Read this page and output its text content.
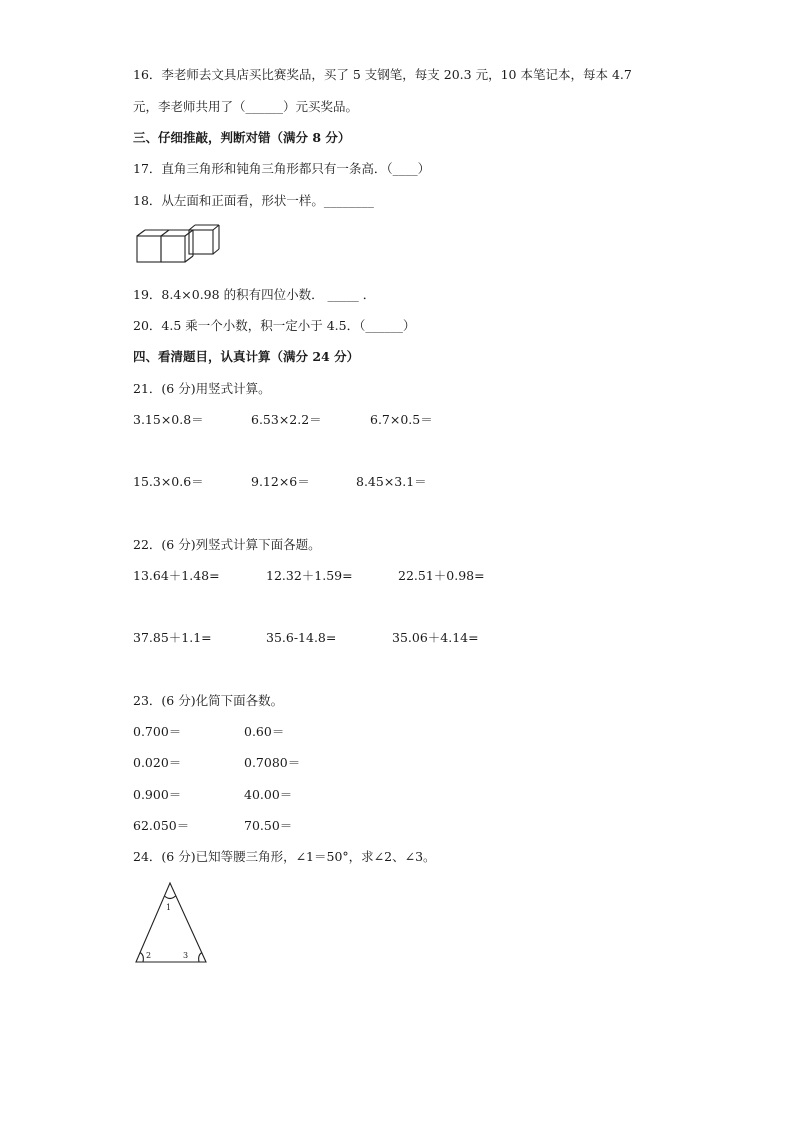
16．李老师去文具店买比赛奖品，买了 5 支钢笔，每支 20.3 元，10 本笔记本，每本 4.7
元，李老师共用了（______）元买奖品。
三、仔细推敲，判断对错（满分 8 分）
17．直角三角形和钝角三角形都只有一条高．（____）
18．从左面和正面看，形状一样。________
19．8.4×0.98 的积有四位小数． _____ ．
20．4.5 乘一个小数，积一定小于 4.5．（______）
四、看清题目，认真计算（满分 24 分）
21．(6 分)用竖式计算。
3.15×0.8＝	6.53×2.2＝	6.7×0.5＝
15.3×0.6＝	9.12×6＝	8.45×3.1＝
22．(6 分)列竖式计算下面各题。
13.64＋1.48=	12.32＋1.59=	22.51＋0.98=
37.85＋1.1=	35.6-14.8=	35.06＋4.14=
23．(6 分)化简下面各数。
0.700＝	0.60＝
0.020＝	0.7080＝
0.900＝	40.00＝
62.050＝	70.50＝
24．(6 分)已知等腰三角形，∠1＝50°，求∠2、∠3。
1
2	3
